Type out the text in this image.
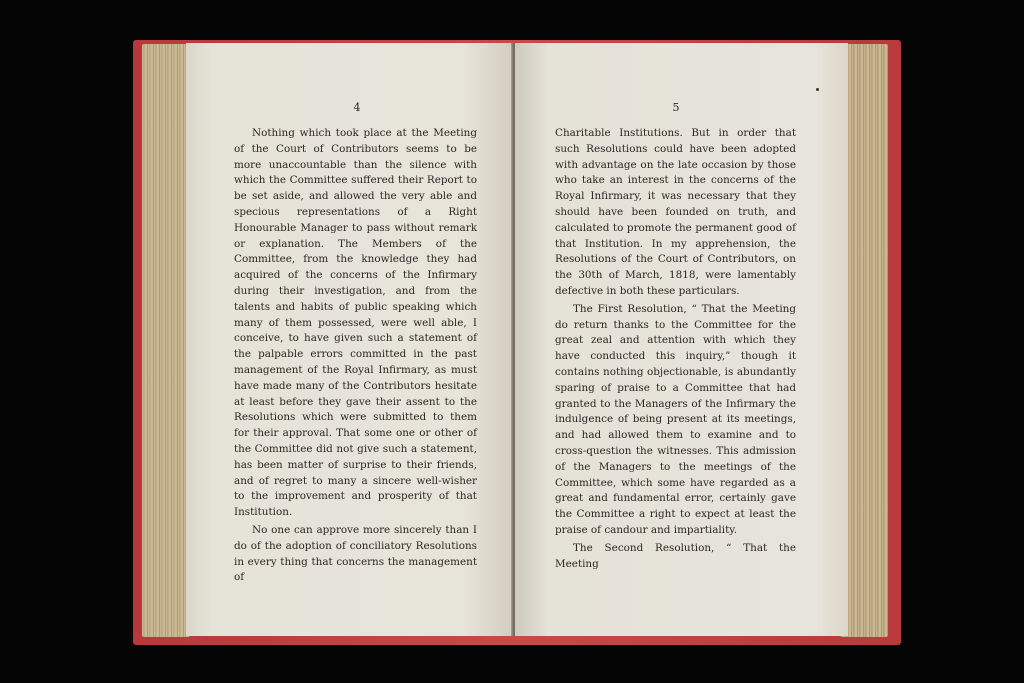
4

Nothing which took place at the Meeting of the Court of Contributors seems to be more unaccountable than the silence with which the Committee suffered their Report to be set aside, and allowed the very able and specious representations of a Right Honourable Manager to pass without remark or explanation. The Members of the Committee, from the knowledge they had acquired of the concerns of the Infirmary during their investigation, and from the talents and habits of public speaking which many of them possessed, were well able, I conceive, to have given such a statement of the palpable errors committed in the past management of the Royal Infirmary, as must have made many of the Contributors hesitate at least before they gave their assent to the Resolutions which were submitted to them for their approval. That some one or other of the Committee did not give such a statement, has been matter of surprise to their friends, and of regret to many a sincere well-wisher to the improvement and prosperity of that Institution.

No one can approve more sincerely than I do of the adoption of conciliatory Resolutions in every thing that concerns the management of

5

Charitable Institutions. But in order that such Resolutions could have been adopted with advantage on the late occasion by those who take an interest in the concerns of the Royal Infirmary, it was necessary that they should have been founded on truth, and calculated to promote the permanent good of that Institution. In my apprehension, the Resolutions of the Court of Contributors, on the 30th of March, 1818, were lamentably defective in both these particulars.

The First Resolution, “ That the Meeting do return thanks to the Committee for the great zeal and attention with which they have conducted this inquiry,” though it contains nothing objectionable, is abundantly sparing of praise to a Committee that had granted to the Managers of the Infirmary the indulgence of being present at its meetings, and had allowed them to examine and to cross-question the witnesses. This admission of the Managers to the meetings of the Committee, which some have regarded as a great and fundamental error, certainly gave the Committee a right to expect at least the praise of candour and impartiality.

The Second Resolution, “ That the Meeting
